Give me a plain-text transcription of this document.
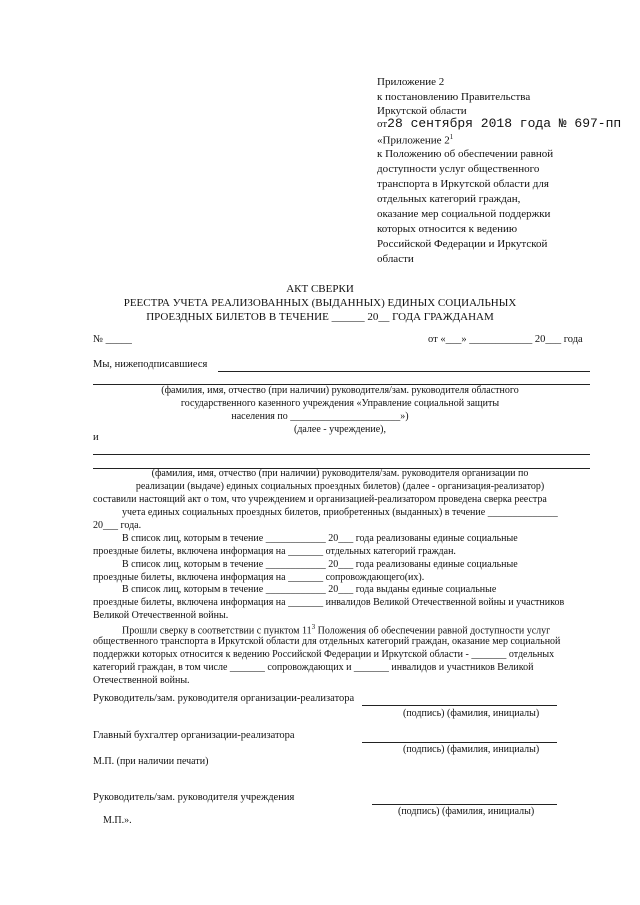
Приложение 2
к постановлению Правительства
Иркутской области
от28 сентября 2018 года № 697-пп
«Приложение $2^1$
к Положению об обеспечении равной
доступности услуг общественного
транспорта в Иркутской области для
отдельных категорий граждан,
оказание мер социальной поддержки
которых относится к ведению
Российской Федерации и Иркутской
области
АКТ СВЕРКИ
РЕЕСТРА УЧЕТА РЕАЛИЗОВАННЫХ (ВЫДАННЫХ) ЕДИНЫХ СОЦИАЛЬНЫХ
ПРОЕЗДНЫХ БИЛЕТОВ В ТЕЧЕНИЕ ______ 20__ ГОДА ГРАЖДАНАМ
№ _____	от «___» ____________ 20___ года
Мы, нижеподписавшиеся
(фамилия, имя, отчество (при наличии) руководителя/зам. руководителя областного
государственного казенного учреждения «Управление социальной защиты
населения по ______________________»)
(далее - учреждение),
и
(фамилия, имя, отчество (при наличии) руководителя/зам. руководителя организации по
реализации (выдаче) единых социальных проездных билетов) (далее - организация-реализатор)
составили настоящий акт о том, что учреждением и организацией-реализатором проведена сверка реестра
учета единых социальных проездных билетов, приобретенных (выданных) в течение ______________
20___ года.
В список лиц, которым в течение ____________ 20___ года реализованы единые социальные
проездные билеты, включена информация на _______ отдельных категорий граждан.
В список лиц, которым в течение ____________ 20___ года реализованы единые социальные
проездные билеты, включена информация на _______ сопровождающего(их).
В список лиц, которым в течение ____________ 20___ года выданы единые социальные
проездные билеты, включена информация на _______ инвалидов Великой Отечественной войны и участников
Великой Отечественной войны.
Прошли сверку в соответствии с пунктом $11^3$ Положения об обеспечении равной доступности услуг
общественного транспорта в Иркутской области для отдельных категорий граждан, оказание мер социальной
поддержки которых относится к ведению Российской Федерации и Иркутской области - _______ отдельных
категорий граждан, в том числе _______ сопровождающих и _______ инвалидов и участников Великой
Отечественной войны.
Руководитель/зам. руководителя организации-реализатора
(подпись) (фамилия, инициалы)
Главный бухгалтер организации-реализатора
(подпись) (фамилия, инициалы)
М.П. (при наличии печати)
Руководитель/зам. руководителя учреждения
(подпись) (фамилия, инициалы)
М.П.».
